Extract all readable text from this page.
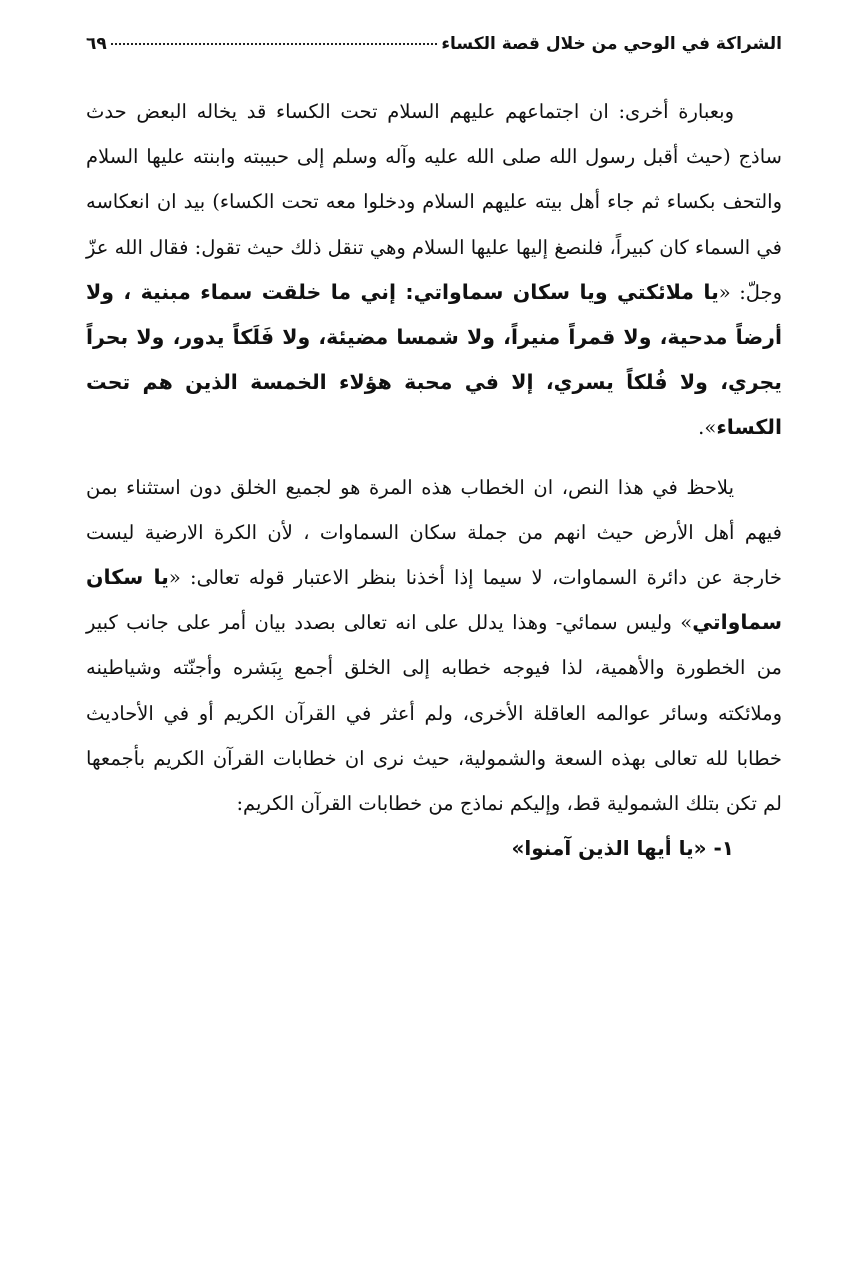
الشراكة في الوحي من خلال قصة الكساء
٦٩

وبعبارة أخرى: ان اجتماعهم عليهم السلام تحت الكساء قد يخاله البعض حدث ساذج (حيث أقبل رسول الله صلى الله عليه وآله وسلم إلى حبيبته وابنته عليها السلام والتحف بكساء ثم جاء أهل بيته عليهم السلام ودخلوا معه تحت الكساء) بيد ان انعكاسه في السماء كان كبيراً، فلنصغ إليها عليها السلام وهي تنقل ذلك حيث تقول: فقال الله عزّ وجلّ: «يا ملائكتي ويا سكان سماواتي: إني ما خلقت سماء مبنية ، ولا أرضاً مدحية، ولا قمراً منيراً، ولا شمسا مضيئة، ولا فَلَكاً يدور، ولا بحراً يجري، ولا فُلكاً يسري، إلا في محبة هؤلاء الخمسة الذين هم تحت الكساء».

يلاحظ في هذا النص، ان الخطاب هذه المرة هو لجميع الخلق دون استثناء بمن فيهم أهل الأرض حيث انهم من جملة سكان السماوات ، لأن الكرة الارضية ليست خارجة عن دائرة السماوات، لا سيما إذا أخذنا بنظر الاعتبار قوله تعالى: «يا سكان سماواتي» وليس سمائي- وهذا يدلل على انه تعالى بصدد بيان أمر على جانب كبير من الخطورة والأهمية، لذا فيوجه خطابه إلى الخلق أجمع بِبَشره وأجنّته وشياطينه وملائكته وسائر عوالمه العاقلة الأخرى، ولم أعثر في القرآن الكريم أو في الأحاديث خطابا لله تعالى بهذه السعة والشمولية، حيث نرى ان خطابات القرآن الكريم بأجمعها لم تكن بتلك الشمولية قط، وإليكم نماذج من خطابات القرآن الكريم:

١- «يا أيها الذين آمنوا»
